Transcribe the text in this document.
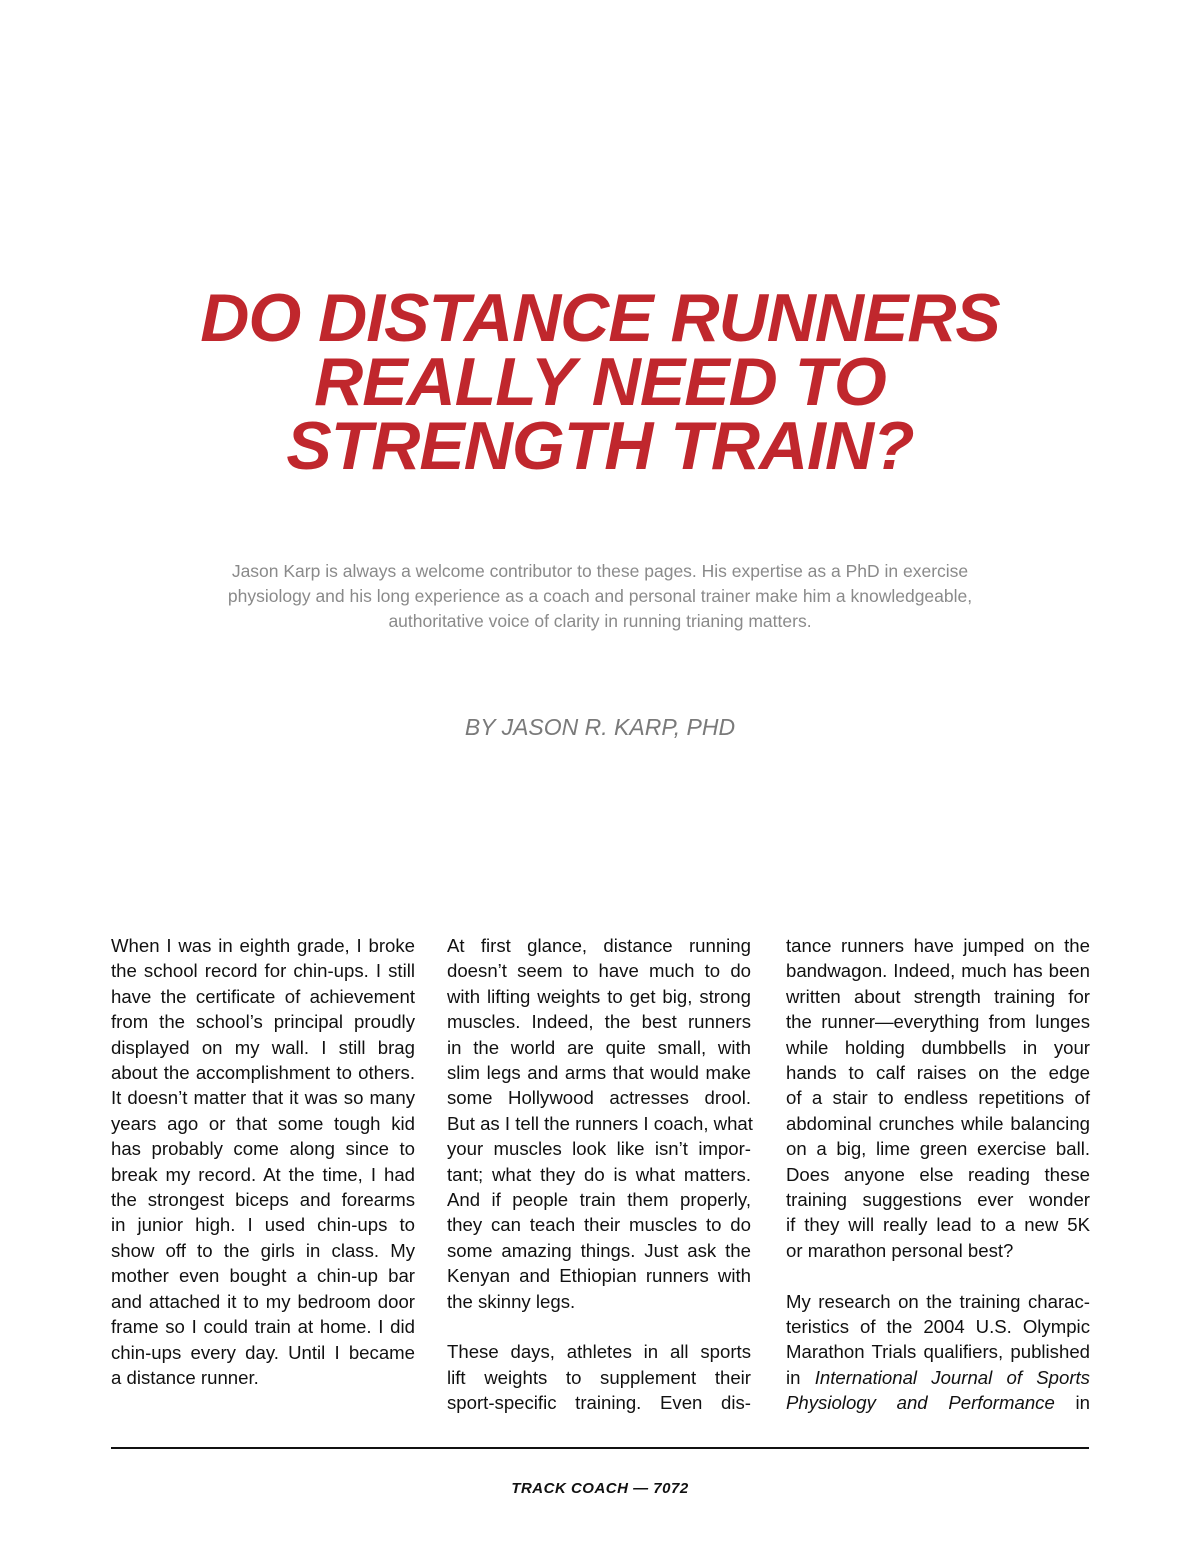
DO DISTANCE RUNNERS
REALLY NEED TO
STRENGTH TRAIN?

Jason Karp is always a welcome contributor to these pages. His expertise as a PhD in exercise
physiology and his long experience as a coach and personal trainer make him a knowledgeable,
authoritative voice of clarity in running trianing matters.

BY JASON R. KARP, PHD

When I was in eighth grade, I broke
the school record for chin-ups. I still
have the certificate of achievement
from the school’s principal proudly
displayed on my wall. I still brag
about the accomplishment to others.
It doesn’t matter that it was so many
years ago or that some tough kid
has probably come along since to
break my record. At the time, I had
the strongest biceps and forearms
in junior high. I used chin-ups to
show off to the girls in class. My
mother even bought a chin-up bar
and attached it to my bedroom door
frame so I could train at home. I did
chin-ups every day. Until I became
a distance runner.
At first glance, distance running
doesn’t seem to have much to do
with lifting weights to get big, strong
muscles. Indeed, the best runners
in the world are quite small, with
slim legs and arms that would make
some Hollywood actresses drool.
But as I tell the runners I coach, what
your muscles look like isn’t impor-
tant; what they do is what matters.
And if people train them properly,
they can teach their muscles to do
some amazing things. Just ask the
Kenyan and Ethiopian runners with
the skinny legs.
These days, athletes in all sports
lift weights to supplement their
sport-specific training. Even dis-
tance runners have jumped on the
bandwagon. Indeed, much has been
written about strength training for
the runner—everything from lunges
while holding dumbbells in your
hands to calf raises on the edge
of a stair to endless repetitions of
abdominal crunches while balancing
on a big, lime green exercise ball.
Does anyone else reading these
training suggestions ever wonder
if they will really lead to a new 5K
or marathon personal best?
My research on the training charac-
teristics of the 2004 U.S. Olympic
Marathon Trials qualifiers, published
in International Journal of Sports
Physiology and Performance in
TRACK COACH — 7072
